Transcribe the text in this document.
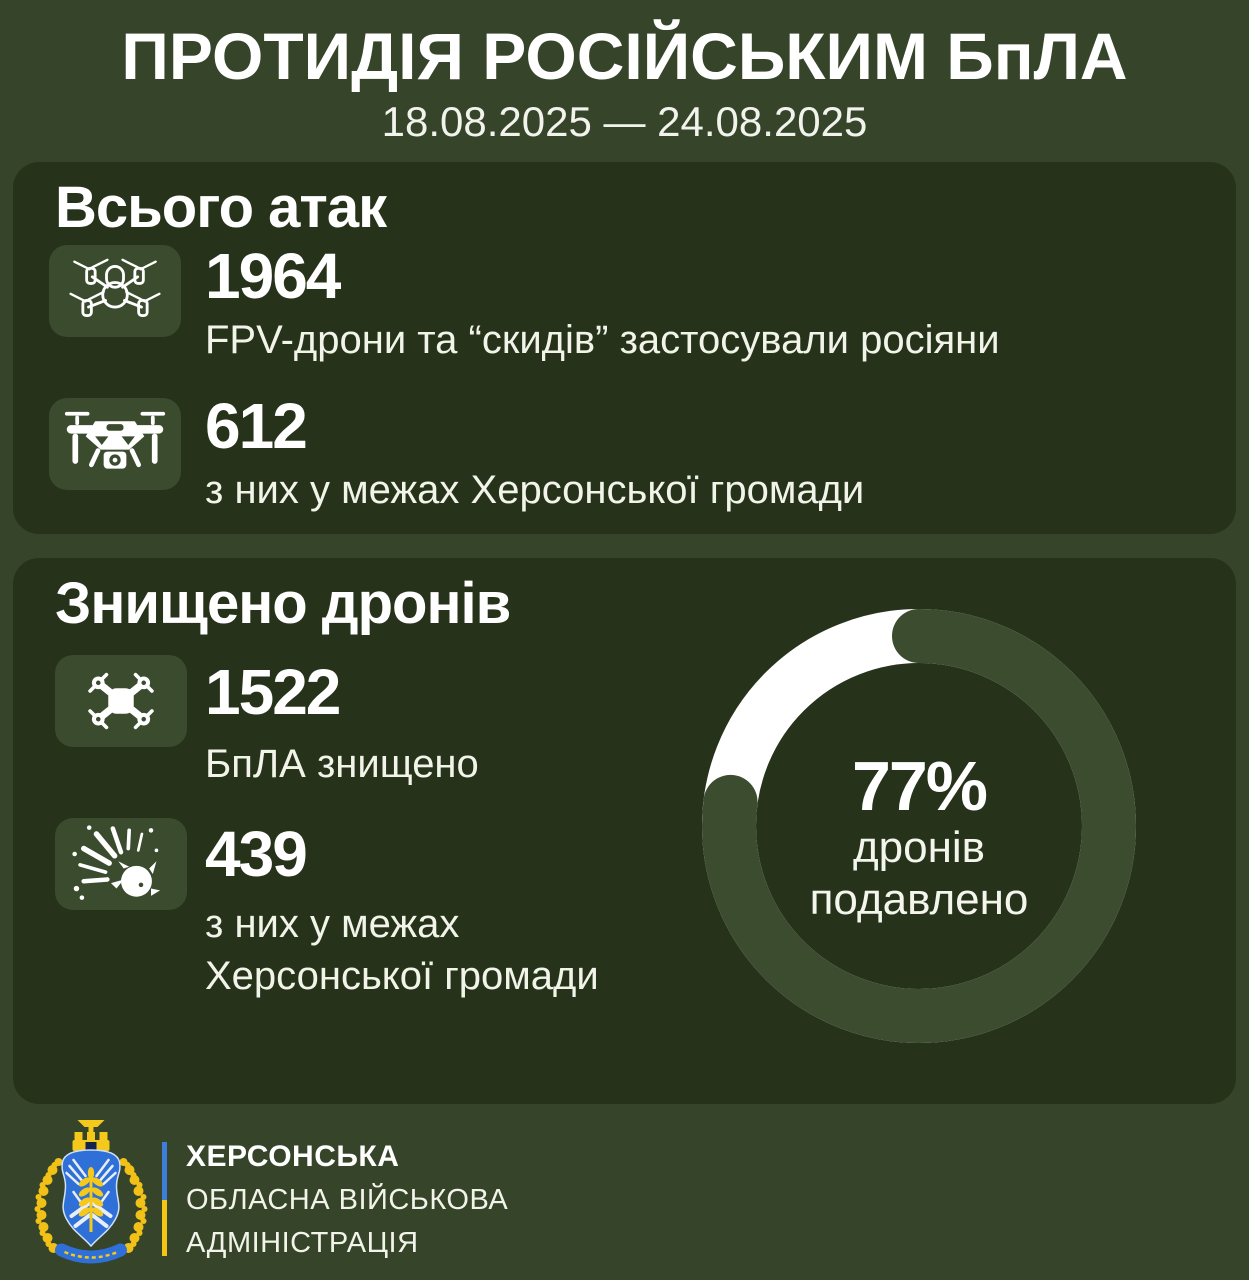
ПРОТИДІЯ РОСІЙСЬКИМ БпЛА
18.08.2025 — 24.08.2025
Всього атак
1964
FPV-дрони та “скидів” застосували росіяни
612
з них у межах Херсонської громади
Знищено дронів
1522
БпЛА знищено
439
з них у межах Херсонської громади
77%
дронів
подавлено
ХЕРСОНСЬКА
ОБЛАСНА ВІЙСЬКОВА
АДМІНІСТРАЦІЯ
